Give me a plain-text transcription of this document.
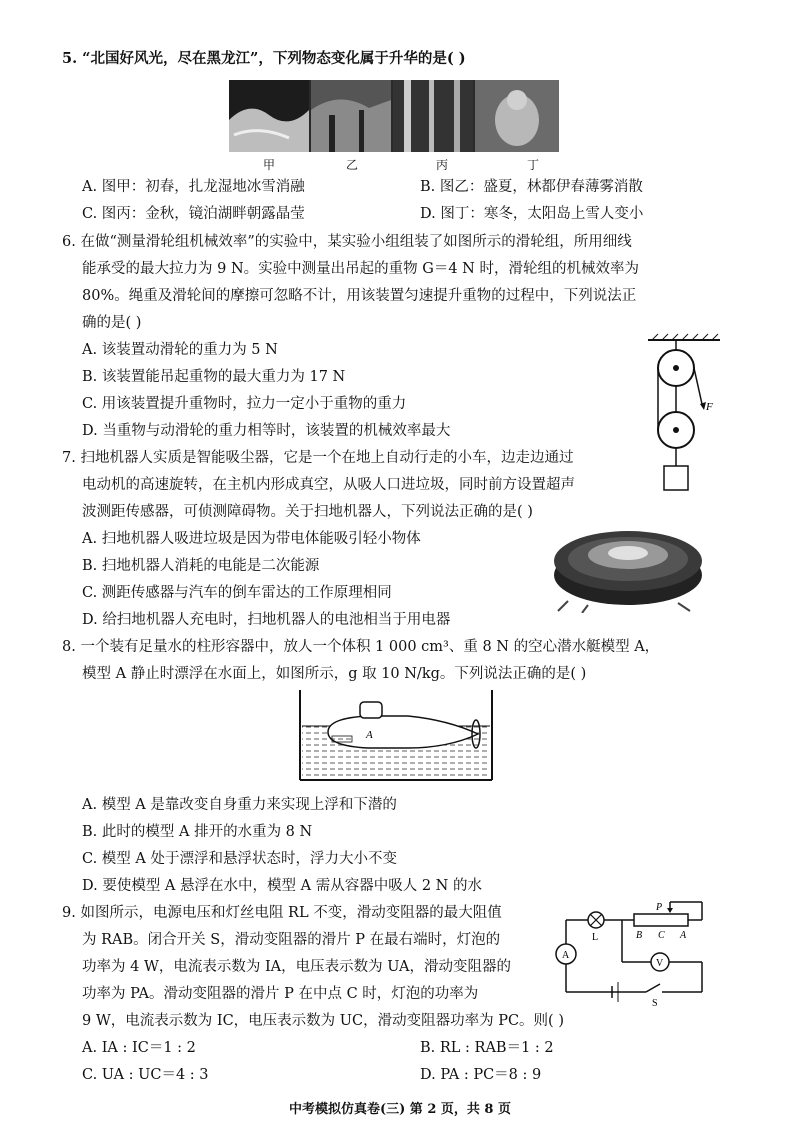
5. “北国好风光，尽在黑龙江”，下列物态变化属于升华的是( )
甲	乙	丙	丁
A. 图甲：初春，扎龙湿地冰雪消融	B. 图乙：盛夏，林都伊春薄雾消散
C. 图丙：金秋，镜泊湖畔朝露晶莹	D. 图丁：寒冬，太阳岛上雪人变小
6. 在做“测量滑轮组机械效率”的实验中，某实验小组组装了如图所示的滑轮组，所用细线
能承受的最大拉力为 9 N。实验中测量出吊起的重物 G＝4 N 时，滑轮组的机械效率为
80%。绳重及滑轮间的摩擦可忽略不计，用该装置匀速提升重物的过程中，下列说法正
确的是( )
A. 该装置动滑轮的重力为 5 N
B. 该装置能吊起重物的最大重力为 17 N
C. 用该装置提升重物时，拉力一定小于重物的重力
D. 当重物与动滑轮的重力相等时，该装置的机械效率最大
F
7. 扫地机器人实质是智能吸尘器，它是一个在地上自动行走的小车，边走边通过
电动机的高速旋转，在主机内形成真空，从吸人口进垃圾，同时前方设置超声
波测距传感器，可侦测障碍物。关于扫地机器人，下列说法正确的是( )
A. 扫地机器人吸进垃圾是因为带电体能吸引轻小物体
B. 扫地机器人消耗的电能是二次能源
C. 测距传感器与汽车的倒车雷达的工作原理相同
D. 给扫地机器人充电时，扫地机器人的电池相当于用电器
8. 一个装有足量水的柱形容器中，放人一个体积 1 000 cm³、重 8 N 的空心潜水艇模型 A，
模型 A 静止时漂浮在水面上，如图所示，g 取 10 N/kg。下列说法正确的是( )
A
A. 模型 A 是靠改变自身重力来实现上浮和下潜的
B. 此时的模型 A 排开的水重为 8 N
C. 模型 A 处于漂浮和悬浮状态时，浮力大小不变
D. 要使模型 A 悬浮在水中，模型 A 需从容器中吸人 2 N 的水
9. 如图所示，电源电压和灯丝电阻 RL 不变，滑动变阻器的最大阻值
为 RAB。闭合开关 S，滑动变阻器的滑片 P 在最右端时，灯泡的
功率为 4 W，电流表示数为 IA，电压表示数为 UA，滑动变阻器的
功率为 PA。滑动变阻器的滑片 P 在中点 C 时，灯泡的功率为
9 W，电流表示数为 IC，电压表示数为 UC，滑动变阻器功率为 PC。则( )
A. IA : IC＝1 : 2	B. RL : RAB＝1 : 2
C. UA : UC＝4 : 3	D. PA : PC＝8 : 9
P
L	B C A
A
V
S
中考模拟仿真卷(三) 第 2 页，共 8 页
